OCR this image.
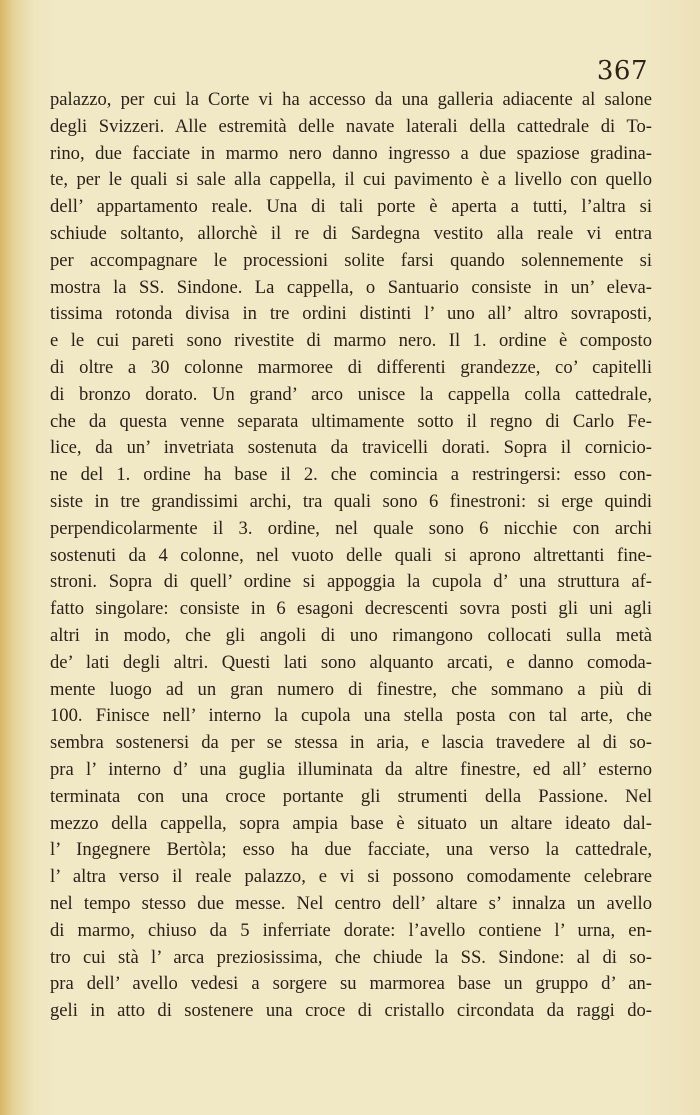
367
palazzo, per cui la Corte vi ha accesso da una galleria adiacente al salone
degli Svizzeri. Alle estremità delle navate laterali della cattedrale di To-
rino, due facciate in marmo nero danno ingresso a due spaziose gradina-
te, per le quali si sale alla cappella, il cui pavimento è a livello con quello
dell’ appartamento reale. Una di tali porte è aperta a tutti, l’altra si
schiude soltanto, allorchè il re di Sardegna vestito alla reale vi entra
per accompagnare le processioni solite farsi quando solennemente si
mostra la SS. Sindone. La cappella, o Santuario consiste in un’ eleva-
tissima rotonda divisa in tre ordini distinti l’ uno all’ altro sovraposti,
e le cui pareti sono rivestite di marmo nero. Il 1. ordine è composto
di oltre a 30 colonne marmoree di differenti grandezze, co’ capitelli
di bronzo dorato. Un grand’ arco unisce la cappella colla cattedrale,
che da questa venne separata ultimamente sotto il regno di Carlo Fe-
lice, da un’ invetriata sostenuta da travicelli dorati. Sopra il cornicio-
ne del 1. ordine ha base il 2. che comincia a restringersi: esso con-
siste in tre grandissimi archi, tra quali sono 6 finestroni: si erge quindi
perpendicolarmente il 3. ordine, nel quale sono 6 nicchie con archi
sostenuti da 4 colonne, nel vuoto delle quali si aprono altrettanti fine-
stroni. Sopra di quell’ ordine si appoggia la cupola d’ una struttura af-
fatto singolare: consiste in 6 esagoni decrescenti sovra posti gli uni agli
altri in modo, che gli angoli di uno rimangono collocati sulla metà
de’ lati degli altri. Questi lati sono alquanto arcati, e danno comoda-
mente luogo ad un gran numero di finestre, che sommano a più di
100. Finisce nell’ interno la cupola una stella posta con tal arte, che
sembra sostenersi da per se stessa in aria, e lascia travedere al di so-
pra l’ interno d’ una guglia illuminata da altre finestre, ed all’ esterno
terminata con una croce portante gli strumenti della Passione. Nel
mezzo della cappella, sopra ampia base è situato un altare ideato dal-
l’ Ingegnere Bertòla; esso ha due facciate, una verso la cattedrale,
l’ altra verso il reale palazzo, e vi si possono comodamente celebrare
nel tempo stesso due messe. Nel centro dell’ altare s’ innalza un avello
di marmo, chiuso da 5 inferriate dorate: l’avello contiene l’ urna, en-
tro cui stà l’ arca preziosissima, che chiude la SS. Sindone: al di so-
pra dell’ avello vedesi a sorgere su marmorea base un gruppo d’ an-
geli in atto di sostenere una croce di cristallo circondata da raggi do-
